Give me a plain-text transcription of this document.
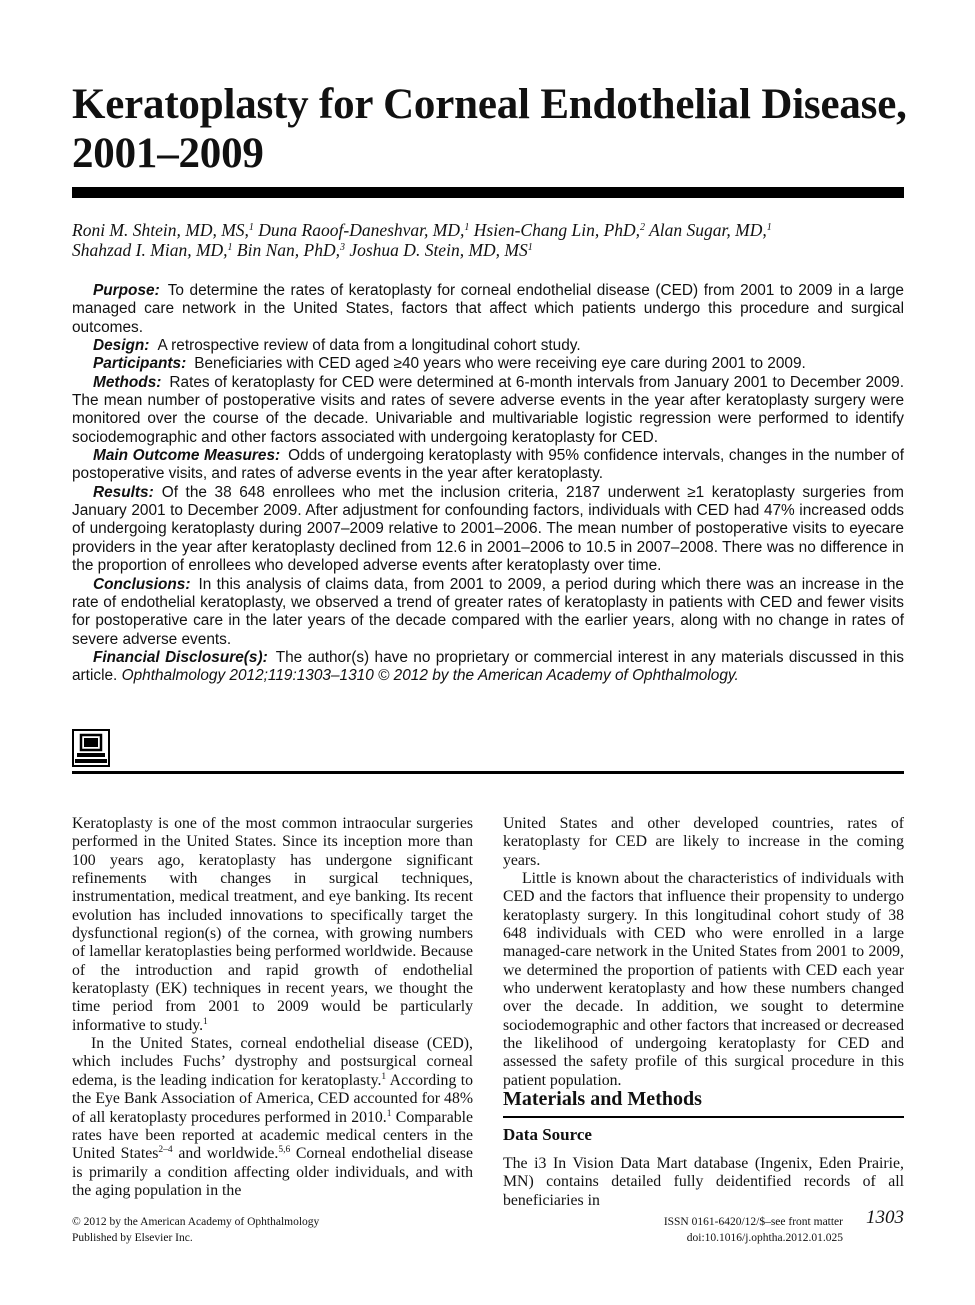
Keratoplasty for Corneal Endothelial Disease, 2001–2009
Roni M. Shtein, MD, MS,$^1$ Duna Raoof-Daneshvar, MD,$^1$ Hsien-Chang Lin, PhD,$^2$ Alan Sugar, MD,$^1$
Shahzad I. Mian, MD,$^1$ Bin Nan, PhD,$^3$ Joshua D. Stein, MD, $MS^1$
Purpose: To determine the rates of keratoplasty for corneal endothelial disease (CED) from 2001 to 2009 in a large managed care network in the United States, factors that affect which patients undergo this procedure and surgical outcomes.
Design: A retrospective review of data from a longitudinal cohort study.
Participants: Beneficiaries with CED aged ≥40 years who were receiving eye care during 2001 to 2009.
Methods: Rates of keratoplasty for CED were determined at 6-month intervals from January 2001 to December 2009. The mean number of postoperative visits and rates of severe adverse events in the year after keratoplasty surgery were monitored over the course of the decade. Univariable and multivariable logistic regression were performed to identify sociodemographic and other factors associated with undergoing keratoplasty for CED.
Main Outcome Measures: Odds of undergoing keratoplasty with 95% confidence intervals, changes in the number of postoperative visits, and rates of adverse events in the year after keratoplasty.
Results: Of the 38 648 enrollees who met the inclusion criteria, 2187 underwent ≥1 keratoplasty surgeries from January 2001 to December 2009. After adjustment for confounding factors, individuals with CED had 47% increased odds of undergoing keratoplasty during 2007–2009 relative to 2001–2006. The mean number of postoperative visits to eyecare providers in the year after keratoplasty declined from 12.6 in 2001–2006 to 10.5 in 2007–2008. There was no difference in the proportion of enrollees who developed adverse events after keratoplasty over time.
Conclusions: In this analysis of claims data, from 2001 to 2009, a period during which there was an increase in the rate of endothelial keratoplasty, we observed a trend of greater rates of keratoplasty in patients with CED and fewer visits for postoperative care in the later years of the decade compared with the earlier years, along with no change in rates of severe adverse events.
Financial Disclosure(s): The author(s) have no proprietary or commercial interest in any materials discussed in this article. Ophthalmology 2012;119:1303–1310 © 2012 by the American Academy of Ophthalmology.

Keratoplasty is one of the most common intraocular surgeries performed in the United States. Since its inception more than 100 years ago, keratoplasty has undergone significant refinements with changes in surgical techniques, instrumentation, medical treatment, and eye banking. Its recent evolution has included innovations to specifically target the dysfunctional region(s) of the cornea, with growing numbers of lamellar keratoplasties being performed worldwide. Because of the introduction and rapid growth of endothelial keratoplasty (EK) techniques in recent years, we thought the time period from 2001 to 2009 would be particularly informative to study.$^1$

In the United States, corneal endothelial disease (CED), which includes Fuchs’ dystrophy and postsurgical corneal edema, is the leading indication for keratoplasty.$^1$ According to the Eye Bank Association of America, CED accounted for 48% of all keratoplasty procedures performed in 2010.$^1$ Comparable rates have been reported at academic medical centers in the United States$^{2-4}$ and worldwide.$^{5,6}$ Corneal endothelial disease is primarily a condition affecting older individuals, and with the aging population in the

United States and other developed countries, rates of keratoplasty for CED are likely to increase in the coming years.

Little is known about the characteristics of individuals with CED and the factors that influence their propensity to undergo keratoplasty surgery. In this longitudinal cohort study of 38 648 individuals with CED who were enrolled in a large managed-care network in the United States from 2001 to 2009, we determined the proportion of patients with CED each year who underwent keratoplasty and how these numbers changed over the decade. In addition, we sought to determine sociodemographic and other factors that increased or decreased the likelihood of undergoing keratoplasty for CED and assessed the safety profile of this surgical procedure in this patient population.

Materials and Methods
Data Source
The i3 In Vision Data Mart database (Ingenix, Eden Prairie, MN) contains detailed fully deidentified records of all beneficiaries in
© 2012 by the American Academy of Ophthalmology
Published by Elsevier Inc.
ISSN 0161-6420/12/$–see front matter
doi:10.1016/j.ophtha.2012.01.025
1303
